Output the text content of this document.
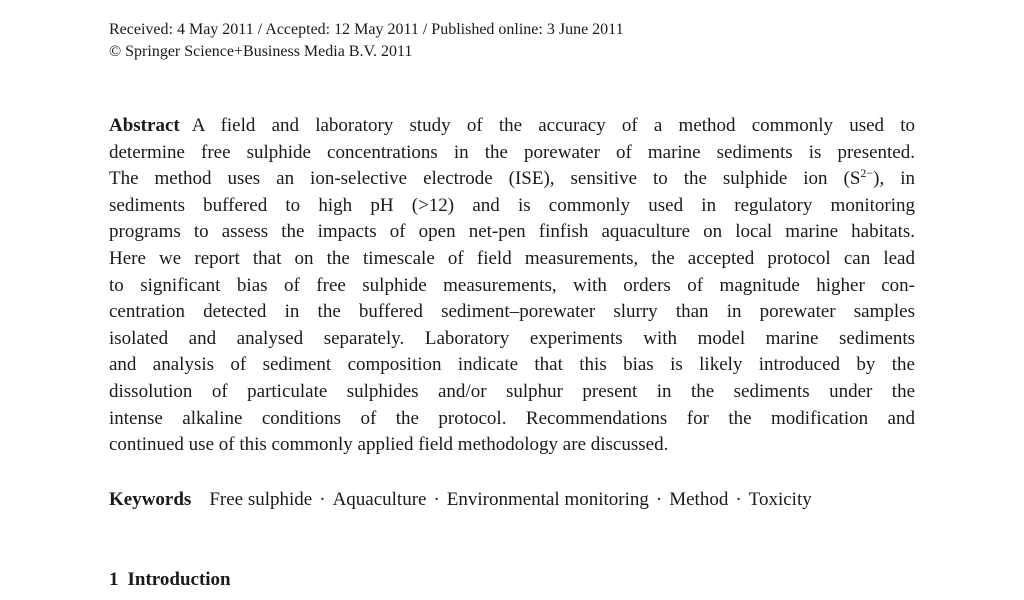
Received: 4 May 2011 / Accepted: 12 May 2011 / Published online: 3 June 2011
© Springer Science+Business Media B.V. 2011
Abstract A field and laboratory study of the accuracy of a method commonly used to
determine free sulphide concentrations in the porewater of marine sediments is presented.
The method uses an ion-selective electrode (ISE), sensitive to the sulphide ion $(S^{2-})$, in
sediments buffered to high pH (>12) and is commonly used in regulatory monitoring
programs to assess the impacts of open net-pen finfish aquaculture on local marine habitats.
Here we report that on the timescale of field measurements, the accepted protocol can lead
to significant bias of free sulphide measurements, with orders of magnitude higher con-
centration detected in the buffered sediment–porewater slurry than in porewater samples
isolated and analysed separately. Laboratory experiments with model marine sediments
and analysis of sediment composition indicate that this bias is likely introduced by the
dissolution of particulate sulphides and/or sulphur present in the sediments under the
intense alkaline conditions of the protocol. Recommendations for the modification and
continued use of this commonly applied field methodology are discussed.
Keywords Free sulphide · Aquaculture · Environmental monitoring · Method · Toxicity
1 Introduction
